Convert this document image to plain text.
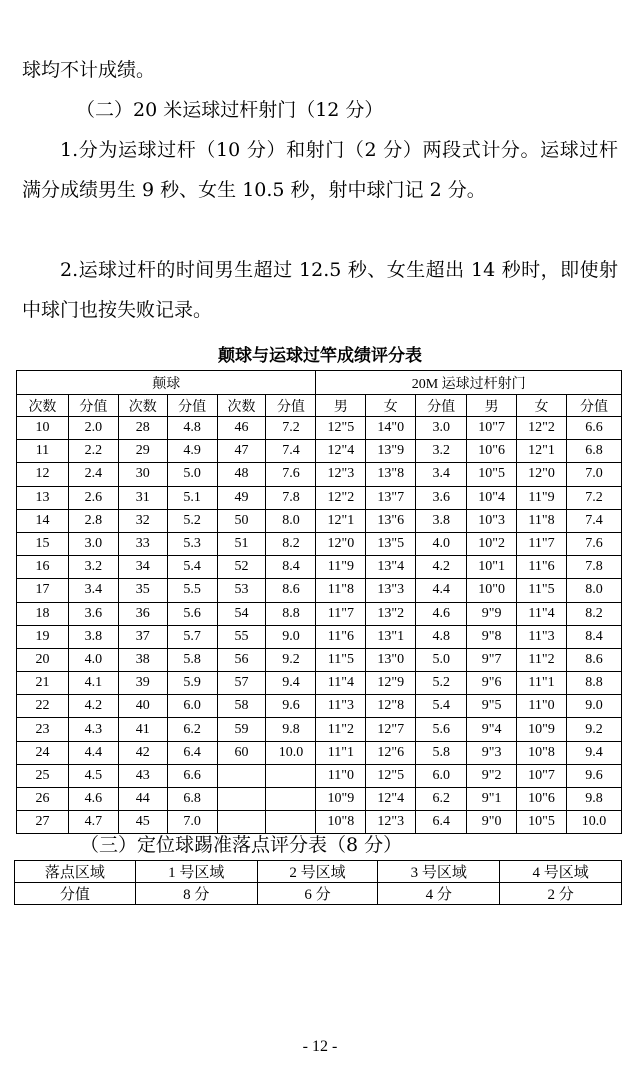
球均不计成绩。

（二）20 米运球过杆射门（12 分）

1.分为运球过杆（10 分）和射门（2 分）两段式计分。运球过杆满分成绩男生 9 秒、女生 10.5 秒，射中球门记 2 分。

2.运球过杆的时间男生超过 12.5 秒、女生超出 14 秒时，即使射中球门也按失败记录。

颠球与运球过竿成绩评分表
颠球						20M 运球过杆射门					
次数	分值	次数	分值	次数	分值	男	女	分值	男	女	分值
10	2.0	28	4.8	46	7.2	12"5	14"0	3.0	10"7	12"2	6.6
11	2.2	29	4.9	47	7.4	12"4	13"9	3.2	10"6	12"1	6.8
12	2.4	30	5.0	48	7.6	12"3	13"8	3.4	10"5	12"0	7.0
13	2.6	31	5.1	49	7.8	12"2	13"7	3.6	10"4	11"9	7.2
14	2.8	32	5.2	50	8.0	12"1	13"6	3.8	10"3	11"8	7.4
15	3.0	33	5.3	51	8.2	12"0	13"5	4.0	10"2	11"7	7.6
16	3.2	34	5.4	52	8.4	11"9	13"4	4.2	10"1	11"6	7.8
17	3.4	35	5.5	53	8.6	11"8	13"3	4.4	10"0	11"5	8.0
18	3.6	36	5.6	54	8.8	11"7	13"2	4.6	9"9	11"4	8.2
19	3.8	37	5.7	55	9.0	11"6	13"1	4.8	9"8	11"3	8.4
20	4.0	38	5.8	56	9.2	11"5	13"0	5.0	9"7	11"2	8.6
21	4.1	39	5.9	57	9.4	11"4	12"9	5.2	9"6	11"1	8.8
22	4.2	40	6.0	58	9.6	11"3	12"8	5.4	9"5	11"0	9.0
23	4.3	41	6.2	59	9.8	11"2	12"7	5.6	9"4	10"9	9.2
24	4.4	42	6.4	60	10.0	11"1	12"6	5.8	9"3	10"8	9.4
25	4.5	43	6.6			11"0	12"5	6.0	9"2	10"7	9.6
26	4.6	44	6.8			10"9	12"4	6.2	9"1	10"6	9.8
27	4.7	45	7.0			10"8	12"3	6.4	9"0	10"5	10.0
（三）定位球踢准落点评分表（8 分）
落点区域	1 号区域	2 号区域	3 号区域	4 号区域
分值	8 分	6 分	4 分	2 分
- 12 -
